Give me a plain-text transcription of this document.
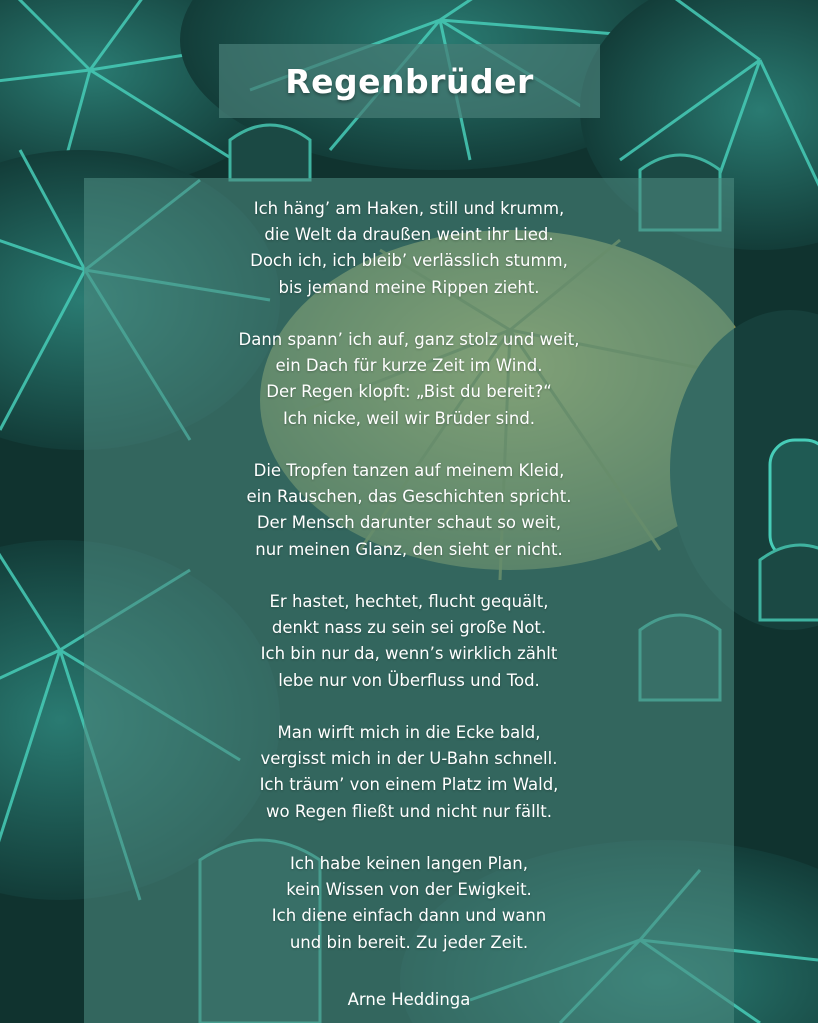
Regenbrüder
Ich häng’ am Haken, still und krumm,
die Welt da draußen weint ihr Lied.
Doch ich, ich bleib’ verlässlich stumm,
bis jemand meine Rippen zieht.
Dann spann’ ich auf, ganz stolz und weit,
ein Dach für kurze Zeit im Wind.
Der Regen klopft: „Bist du bereit?“
Ich nicke, weil wir Brüder sind.
Die Tropfen tanzen auf meinem Kleid,
ein Rauschen, das Geschichten spricht.
Der Mensch darunter schaut so weit,
nur meinen Glanz, den sieht er nicht.
Er hastet, hechtet, flucht gequält,
denkt nass zu sein sei große Not.
Ich bin nur da, wenn’s wirklich zählt
lebe nur von Überfluss und Tod.
Man wirft mich in die Ecke bald,
vergisst mich in der U-Bahn schnell.
Ich träum’ von einem Platz im Wald,
wo Regen fließt und nicht nur fällt.
Ich habe keinen langen Plan,
kein Wissen von der Ewigkeit.
Ich diene einfach dann und wann
und bin bereit. Zu jeder Zeit.
Arne Heddinga
